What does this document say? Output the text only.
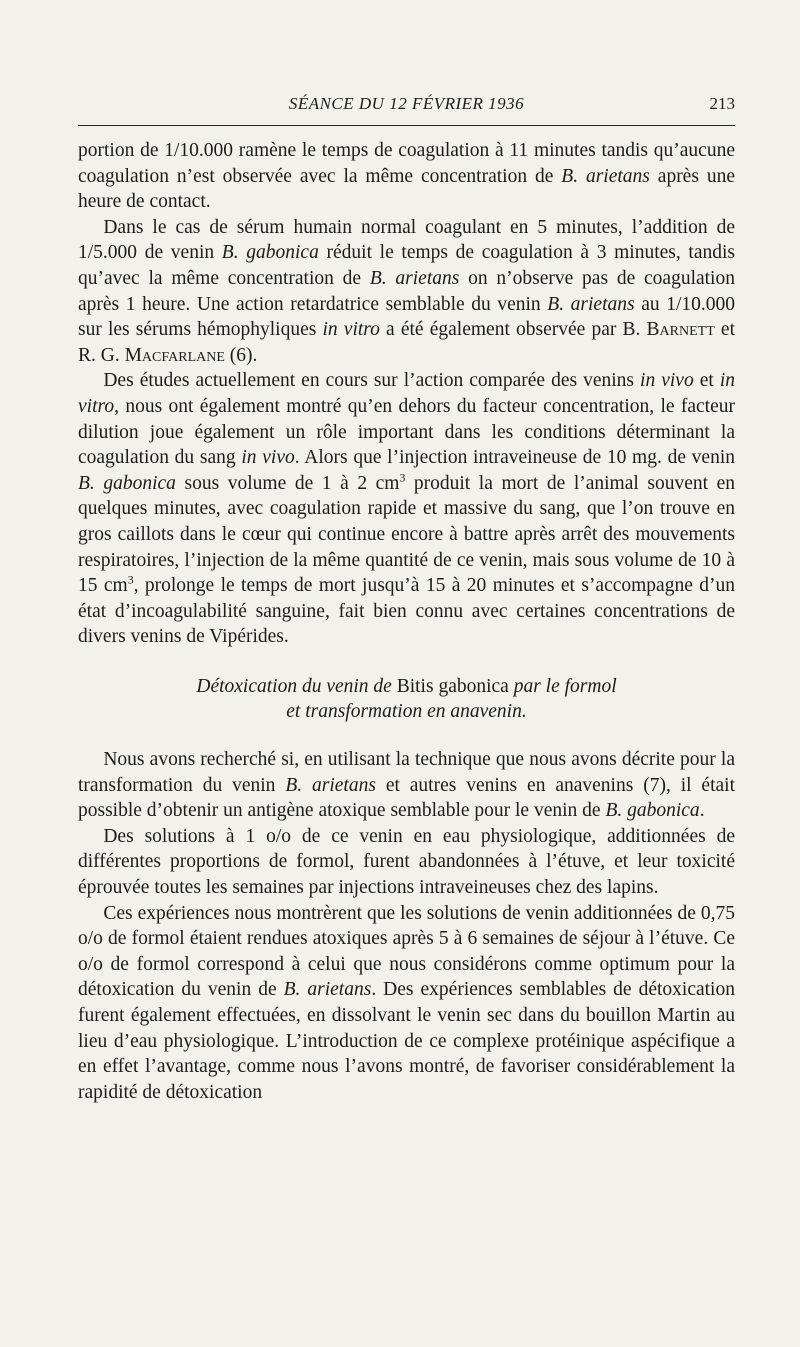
SÉANCE DU 12 FÉVRIER 1936	213

portion de 1/10.000 ramène le temps de coagulation à 11 minutes tandis qu’aucune coagulation n’est observée avec la même concentration de B. arietans après une heure de contact.

Dans le cas de sérum humain normal coagulant en 5 minutes, l’addition de 1/5.000 de venin B. gabonica réduit le temps de coagulation à 3 minutes, tandis qu’avec la même concentration de B. arietans on n’observe pas de coagulation après 1 heure. Une action retardatrice semblable du venin B. arietans au 1/10.000 sur les sérums hémophyliques in vitro a été également observée par B. Barnett et R. G. Macfarlane (6).

Des études actuellement en cours sur l’action comparée des venins in vivo et in vitro, nous ont également montré qu’en dehors du facteur concentration, le facteur dilution joue également un rôle important dans les conditions déterminant la coagulation du sang in vivo. Alors que l’injection intraveineuse de 10 mg. de venin B. gabonica sous volume de 1 à 2 $cm^3$ produit la mort de l’animal souvent en quelques minutes, avec coagulation rapide et massive du sang, que l’on trouve en gros caillots dans le cœur qui continue encore à battre après arrêt des mouvements respiratoires, l’injection de la même quantité de ce venin, mais sous volume de 10 à 15 $cm^3$, prolonge le temps de mort jusqu’à 15 à 20 minutes et s’accompagne d’un état d’incoagulabilité sanguine, fait bien connu avec certaines concentrations de divers venins de Vipérides.

Détoxication du venin de Bitis gabonica par le formol
et transformation en anavenin.

Nous avons recherché si, en utilisant la technique que nous avons décrite pour la transformation du venin B. arietans et autres venins en anavenins (7), il était possible d’obtenir un antigène atoxique semblable pour le venin de B. gabonica.

Des solutions à 1 o/o de ce venin en eau physiologique, additionnées de différentes proportions de formol, furent abandonnées à l’étuve, et leur toxicité éprouvée toutes les semaines par injections intraveineuses chez des lapins.

Ces expériences nous montrèrent que les solutions de venin additionnées de 0,75 o/o de formol étaient rendues atoxiques après 5 à 6 semaines de séjour à l’étuve. Ce o/o de formol correspond à celui que nous considérons comme optimum pour la détoxication du venin de B. arietans. Des expériences semblables de détoxication furent également effectuées, en dissolvant le venin sec dans du bouillon Martin au lieu d’eau physiologique. L’introduction de ce complexe protéinique aspécifique a en effet l’avantage, comme nous l’avons montré, de favoriser considérablement la rapidité de détoxication
